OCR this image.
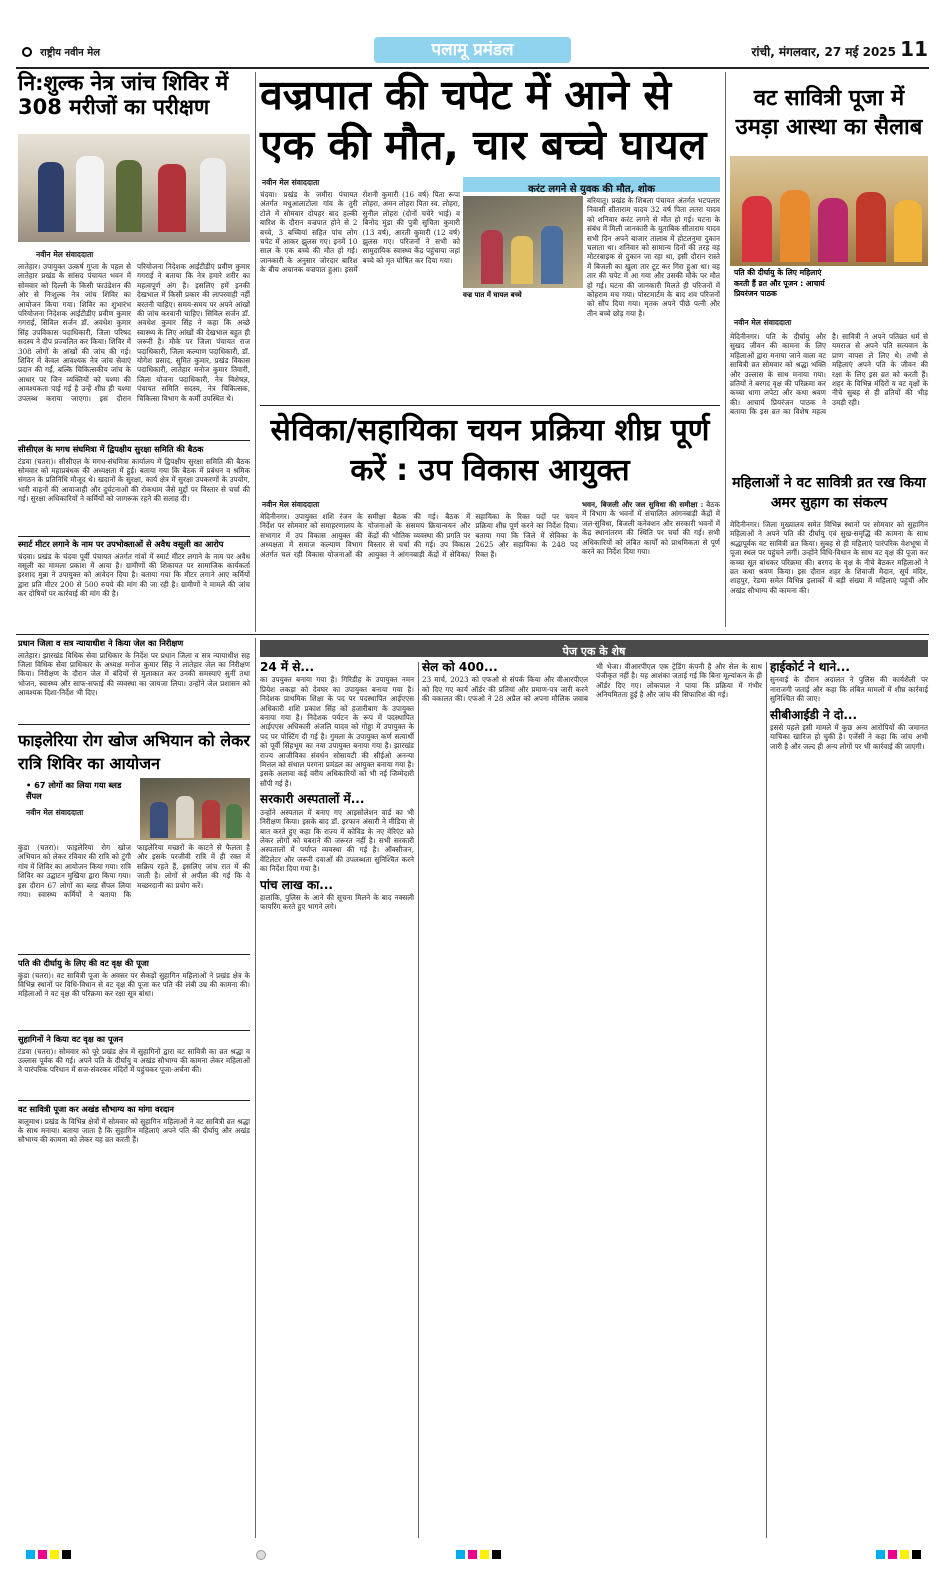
राष्ट्रीय नवीन मेल	पलामू प्रमंडल	रांची, मंगलवार, 27 मई 2025 11
नि:शुल्क नेत्र जांच शिविर में 308 मरीजों का परीक्षण
नवीन मेल संवाददाता

लातेहार। उपायुक्त उत्कर्ष गुप्ता के पहल से लातेहार प्रखंड के सांसद पंचायत भवन में सोमवार को दिल्ली के किसी फाउंडेशन की ओर से निःशुल्क नेत्र जांच शिविर का आयोजन किया गया। शिविर का शुभारंभ परियोजना निदेशक आईटीडीए प्रवीण कुमार गगराई, सिविल सर्जन डॉ. अवधेश कुमार सिंह उपविकास पदाधिकारी, जिला परिषद सदस्य ने दीप प्रज्वलित कर किया। शिविर में 308 लोगों के आंखों की जांच की गई। शिविर में केवल आवश्यक नेत्र जांच सेवाएं प्रदान की गईं, बल्कि चिकित्सकीय जांच के आधार पर जिन व्यक्तियों को चश्मा की आवश्यकता पाई गई है उन्हें शीघ्र ही चश्मा उपलब्ध कराया जाएगा। इस दौरान परियोजना निदेशक आईटीडीए प्रवीण कुमार गगराई ने बताया कि नेत्र हमारे शरीर का महत्वपूर्ण अंग है। इसलिए हमें इनकी देखभाल में किसी प्रकार की लापरवाही नहीं बरतनी चाहिए। समय-समय पर अपने आंखों की जांच करवानी चाहिए। सिविल सर्जन डॉ. अवधेश कुमार सिंह ने कहा कि अच्छे स्वास्थ्य के लिए आंखों की देखभाल बहुत ही जरूरी है। मौके पर जिला पंचायत राज पदाधिकारी, जिला कल्याण पदाधिकारी, डॉ. योगेश प्रसाद, सुमित कुमार, प्रखंड विकास पदाधिकारी, लातेहार मनोज कुमार तिवारी, जिला योजना पदाधिकारी, नेत्र विशेषज्ञ, पंचायत समिति सदस्य, नेत्र चिकित्सक, चिकित्सा विभाग के कर्मी उपस्थित थे।

वज्रपात की चपेट में आने से एक की मौत, चार बच्चे घायल
नवीन मेल संवाददाता

चंदवा। प्रखंड के जमीरा पंचायत अंतर्गत मधुआलाटोला गांव के तुरी टोले में सोमवार दोपहर बाद हल्की बारिश के दौरान वज्रपात होने से 2 बच्चे, 3 बच्चियां सहित पांच लोग चपेट में आकर झुलस गए। इनमें 10 साल के एक बच्चे की मौत हो गई। जानकारी के अनुसार जोरदार बारिश के बीच अचानक वज्रपात हुआ। इसमें रोशनी कुमारी (16 वर्ष) पिता रूपा लोहरा, अमन लोहरा पिता स्व. लोहरा, सुनील लोहरा (दोनों चचेरे भाई) व बिनोद मुंडा की पुत्री सुचिता कुमारी (13 वर्ष), आरती कुमारी (12 वर्ष) झुलस गए। परिजनों ने सभी को सामुदायिक स्वास्थ्य केंद्र पहुंचाया जहां बच्चे को मृत घोषित कर दिया गया।

करंट लगने से युवक की मौत, शोक
वज्र पात में घायल बच्चे

बरियातू। प्रखंड के शिबला पंचायत अंतर्गत भटपलार निवासी सीताराम यादव 32 वर्ष पिता लतरा यादव को शनिवार करंट लगने से मौत हो गई। घटना के संबंध में मिली जानकारी के मुताबिक सीताराम यादव सभी दिन अपने बाजार तालाब में होटलनुमा दुकान चलाता था। शनिवार को सामान्य दिनों की तरह वह मोटरबाइक से दुकान जा रहा था, इसी दौरान रास्ते में बिजली का खुला तार टूट कर गिरा हुआ था। वह तार की चपेट में आ गया और उसकी मौके पर मौत हो गई। घटना की जानकारी मिलते ही परिजनों में कोहराम मच गया। पोस्टमार्टम के बाद शव परिजनों को सौंप दिया गया। मृतक अपने पीछे पत्नी और तीन बच्चे छोड़ गया है।

वट सावित्री पूजा में उमड़ा आस्था का सैलाब
पति की दीर्घायु के लिए महिलाएं करती हैं व्रत और पूजन : आचार्य प्रियरंजन पाठक
नवीन मेल संवाददाता

मेदिनीनगर। पति के दीर्घायु और सुखद जीवन की कामना के लिए महिलाओं द्वारा मनाया जाने वाला वट सावित्री व्रत सोमवार को श्रद्धा भक्ति और उल्लास के साथ मनाया गया। व्रतियों ने बरगद वृक्ष की परिक्रमा कर कच्चा धागा लपेटा और कथा श्रवण की। आचार्य प्रियरंजन पाठक ने बताया कि इस व्रत का विशेष महत्व है। सावित्री ने अपने पतिव्रत धर्म से यमराज से अपने पति सत्यवान के प्राण वापस ले लिए थे। तभी से महिलाएं अपने पति के जीवन की रक्षा के लिए इस व्रत को करती हैं। शहर के विभिन्न मंदिरों व वट वृक्षों के नीचे सुबह से ही व्रतियों की भीड़ उमड़ी रही।

महिलाओं ने वट सावित्री व्रत रख किया अमर सुहाग का संकल्प

मेदिनीनगर। जिला मुख्यालय समेत विभिन्न स्थानों पर सोमवार को सुहागिन महिलाओं ने अपने पति की दीर्घायु एवं सुख-समृद्धि की कामना के साथ श्रद्धापूर्वक वट सावित्री व्रत किया। सुबह से ही महिलाएं पारंपरिक वेशभूषा में पूजा स्थल पर पहुंचने लगीं। उन्होंने विधि-विधान के साथ वट वृक्ष की पूजा कर कच्चा सूत बांधकर परिक्रमा की। बरगद के वृक्ष के नीचे बैठकर महिलाओं ने व्रत कथा श्रवण किया। इस दौरान शहर के शिवाजी मैदान, सूर्य मंदिर, शाहपुर, रेडमा समेत विभिन्न इलाकों में बड़ी संख्या में महिलाएं पहुंचीं और अखंड सौभाग्य की कामना की।

सेविका/सहायिका चयन प्रक्रिया शीघ्र पूर्ण करें : उप विकास आयुक्त
नवीन मेल संवाददाता

मेदिनीनगर। उपायुक्त शशि रंजन के निर्देश पर सोमवार को समाहरणालय के सभागार में उप विकास आयुक्त की अध्यक्षता में समाज कल्याण विभाग अंतर्गत चल रही विकास योजनाओं की समीक्षा बैठक की गई। बैठक में योजनाओं के ससमय क्रियान्वयन और केंद्रों की भौतिक व्यवस्था की प्रगति पर विस्तार से चर्चा की गई। उप विकास आयुक्त ने आंगनबाड़ी केंद्रों में सेविका/सहायिका के रिक्त पदों पर चयन प्रक्रिया शीघ्र पूर्ण करने का निर्देश दिया। बताया गया कि जिले में सेविका के 2625 और सहायिका के 248 पद रिक्त हैं।

भवन, बिजली और जल सुविधा की समीक्षा : बैठक में विभाग के भवनों में संचालित आंगनबाड़ी केंद्रों में जल-सुविधा, बिजली कनेक्शन और सरकारी भवनों में केंद्र स्थानांतरण की स्थिति पर चर्चा की गई। सभी अधिकारियों को लंबित कार्यों को प्राथमिकता से पूर्ण करने का निर्देश दिया गया।

सीसीएल के मगध संघमित्रा में द्विपक्षीय सुरक्षा समिति की बैठक

टंडवा (चतरा)। सीसीएल के मगध-संघमित्रा कार्यालय में द्विपक्षीय सुरक्षा समिति की बैठक सोमवार को महाप्रबंधक की अध्यक्षता में हुई। बताया गया कि बैठक में प्रबंधन व श्रमिक संगठन के प्रतिनिधि मौजूद थे। खदानों के सुरक्षा, कार्य क्षेत्र में सुरक्षा उपकरणों के उपयोग, भारी वाहनों की आवाजाही और दुर्घटनाओं की रोकथाम जैसे मुद्दों पर विस्तार से चर्चा की गई। सुरक्षा अधिकारियों ने कर्मियों को जागरूक रहने की सलाह दी।

स्मार्ट मीटर लगाने के नाम पर उपभोक्ताओं से अवैध वसूली का आरोप

चंदवा। प्रखंड के चंदवा पूर्वी पंचायत अंतर्गत गांवों में स्मार्ट मीटर लगाने के नाम पर अवैध वसूली का मामला प्रकाश में आया है। ग्रामीणों की शिकायत पर सामाजिक कार्यकर्ता इरशाद मुन्ना ने उपायुक्त को आवेदन दिया है। बताया गया कि मीटर लगाने आए कर्मियों द्वारा प्रति मीटर 200 से 500 रुपये की मांग की जा रही है। ग्रामीणों ने मामले की जांच कर दोषियों पर कार्रवाई की मांग की है।

प्रधान जिला व सत्र न्यायाधीश ने किया जेल का निरीक्षण

लातेहार। झारखंड विधिक सेवा प्राधिकार के निर्देश पर प्रधान जिला व सत्र न्यायाधीश सह जिला विधिक सेवा प्राधिकार के अध्यक्ष मनोज कुमार सिंह ने लातेहार जेल का निरीक्षण किया। निरीक्षण के दौरान जेल में बंदियों से मुलाकात कर उनकी समस्याएं सुनीं तथा भोजन, स्वास्थ्य और साफ-सफाई की व्यवस्था का जायजा लिया। उन्होंने जेल प्रशासन को आवश्यक दिशा-निर्देश भी दिए।

फाइलेरिया रोग खोज अभियान को लेकर रात्रि शिविर का आयोजन
• 67 लोगों का लिया गया ब्लड सैंपल
नवीन मेल संवाददाता

कुंडा (चतरा)। फाइलेरिया रोग खोज अभियान को लेकर रविवार की रात्रि को टुंगी गांव में शिविर का आयोजन किया गया। रात्रि शिविर का उद्घाटन मुखिया द्वारा किया गया। इस दौरान 67 लोगों का ब्लड सैंपल लिया गया। स्वास्थ्य कर्मियों ने बताया कि फाइलेरिया मच्छरों के काटने से फैलता है और इसके परजीवी रात्रि में ही रक्त में सक्रिय रहते हैं, इसलिए जांच रात में की जाती है। लोगों से अपील की गई कि वे मच्छरदानी का प्रयोग करें।

पति की दीर्घायु के लिए की वट वृक्ष की पूजा

कुंडा (चतरा)। वट सावित्री पूजा के अवसर पर सैकड़ों सुहागिन महिलाओं ने प्रखंड क्षेत्र के विभिन्न स्थानों पर विधि-विधान से वट वृक्ष की पूजा कर पति की लंबी उम्र की कामना की। महिलाओं ने वट वृक्ष की परिक्रमा कर रक्षा सूत्र बांधा।

सुहागिनों ने किया वट वृक्ष का पूजन

टंडवा (चतरा)। सोमवार को पूरे प्रखंड क्षेत्र में सुहागिनों द्वारा वट सावित्री का व्रत श्रद्धा व उल्लास पूर्वक की गई। अपने पति के दीर्घायु व अखंड सौभाग्य की कामना लेकर महिलाओं ने पारंपरिक परिधान में सज-संवरकर मंदिरों में पहुंचकर पूजा-अर्चना की।

वट सावित्री पूजा कर अखंड सौभाग्य का मांगा वरदान

बालूमाथ। प्रखंड के विभिन्न क्षेत्रों में सोमवार को सुहागिन महिलाओं ने वट सावित्री व्रत श्रद्धा के साथ मनाया। बताया जाता है कि सुहागिन महिलाएं अपने पति की दीर्घायु और अखंड सौभाग्य की कामना को लेकर यह व्रत करती हैं।

पेज एक के शेष

24 में से...

का उपयुक्त बनाया गया है। गिरिडीह के उपायुक्त नमन प्रियेश लकड़ा को देवघर का उपायुक्त बनाया गया है। निदेशक प्राथमिक शिक्षा के पद पर पदस्थापित आईएएस अधिकारी शशि प्रकाश सिंह को हजारीबाग के उपायुक्त बनाया गया है। निदेशक पर्यटन के रूप में पदस्थापित आईएएस अधिकारी अंजलि यादव को गोड्डा में उपायुक्त के पद पर पोस्टिंग दी गई है। गुमला के उपायुक्त कर्ण सत्यार्थी को पूर्वी सिंहभूम का नया उपायुक्त बनाया गया है। झारखंड राज्य आजीविका संवर्धन सोसायटी की सीईओ अनन्या मित्तल को संथाल परगना प्रमंडल का आयुक्त बनाया गया है। इसके अलावा कई वरीय अधिकारियों को भी नई जिम्मेदारी सौंपी गई है।

सरकारी अस्पतालों में...

उन्होंने अस्पताल में बनाए गए आइसोलेशन वार्ड का भी निरीक्षण किया। इसके बाद डॉ. इरफान अंसारी ने मीडिया से बात करते हुए कहा कि राज्य में कोविड के नए वेरिएंट को लेकर लोगों को घबराने की जरूरत नहीं है। सभी सरकारी अस्पतालों में पर्याप्त व्यवस्था की गई है। ऑक्सीजन, वेंटिलेटर और जरूरी दवाओं की उपलब्धता सुनिश्चित करने का निर्देश दिया गया है।

पांच लाख का...

हालांकि, पुलिस के आने की सूचना मिलने के बाद नक्सली फायरिंग करते हुए भागने लगे।

सेल को 400...

23 मार्च, 2023 को एफओ से संपर्क किया और वीआरपीएल को दिए गए कार्य ऑर्डर की प्रतियां और प्रमाण-पत्र जारी करने की वकालत की। एफओ ने 28 अप्रैल को अपना मौलिक जवाब भी भेजा। वीआरपीएल एक ट्रेडिंग कंपनी है और सेल के साथ पंजीकृत नहीं है। यह आशंका जताई गई कि बिना मूल्यांकन के ही ऑर्डर दिए गए। लोकपाल ने पाया कि प्रक्रिया में गंभीर अनियमितता हुई है और जांच की सिफारिश की गई।

हाईकोर्ट ने थाने...

सुनवाई के दौरान अदालत ने पुलिस की कार्यशैली पर नाराजगी जताई और कहा कि लंबित मामलों में शीघ्र कार्रवाई सुनिश्चित की जाए।

सीबीआईडी ने दो...

इससे पहले इसी मामले में कुछ अन्य आरोपियों की जमानत याचिका खारिज हो चुकी है। एजेंसी ने कहा कि जांच अभी जारी है और जल्द ही अन्य लोगों पर भी कार्रवाई की जाएगी।
